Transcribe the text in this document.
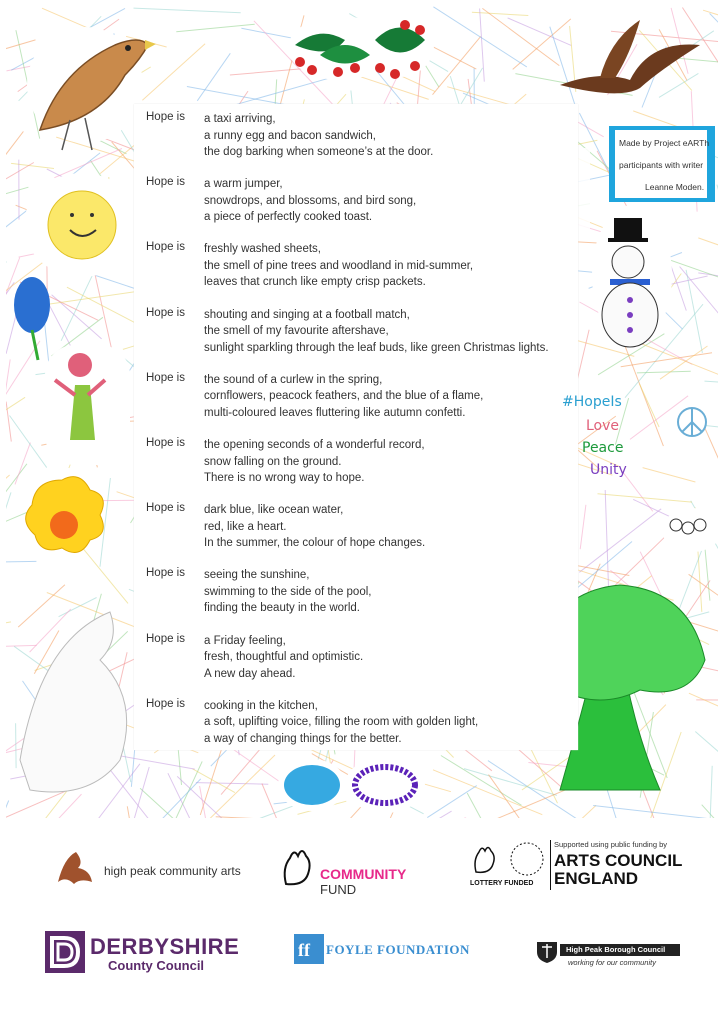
Hope is a taxi arriving,
a runny egg and bacon sandwich,
the dog barking when someone’s at the door.
Hope is a warm jumper,
snowdrops, and blossoms, and bird song,
a piece of perfectly cooked toast.
Hope is freshly washed sheets,
the smell of pine trees and woodland in mid-summer,
leaves that crunch like empty crisp packets.
Hope is shouting and singing at a football match,
the smell of my favourite aftershave,
sunlight sparkling through the leaf buds, like green Christmas lights.
Hope is the sound of a curlew in the spring,
cornflowers, peacock feathers, and the blue of a flame,
multi-coloured leaves fluttering like autumn confetti.
Hope is the opening seconds of a wonderful record,
snow falling on the ground.
There is no wrong way to hope.
Hope is dark blue, like ocean water,
red, like a heart.
In the summer, the colour of hope changes.
Hope is seeing the sunshine,
swimming to the side of the pool,
finding the beauty in the world.
Hope is a Friday feeling,
fresh, thoughtful and optimistic.
A new day ahead.
Hope is cooking in the kitchen,
a soft, uplifting voice, filling the room with golden light,
a way of changing things for the better.
Made by Project eARTh
participants with writer
Leanne Moden.
#HopeIs
Love
Peace
Unity
high peak community arts	COMMUNITY
FUND	LOTTERY FUNDED
Supported using public funding by
ARTS COUNCIL
ENGLAND
DERBYSHIRE
County Council
ff FOYLE FOUNDATION	High Peak Borough Council
working for our community
